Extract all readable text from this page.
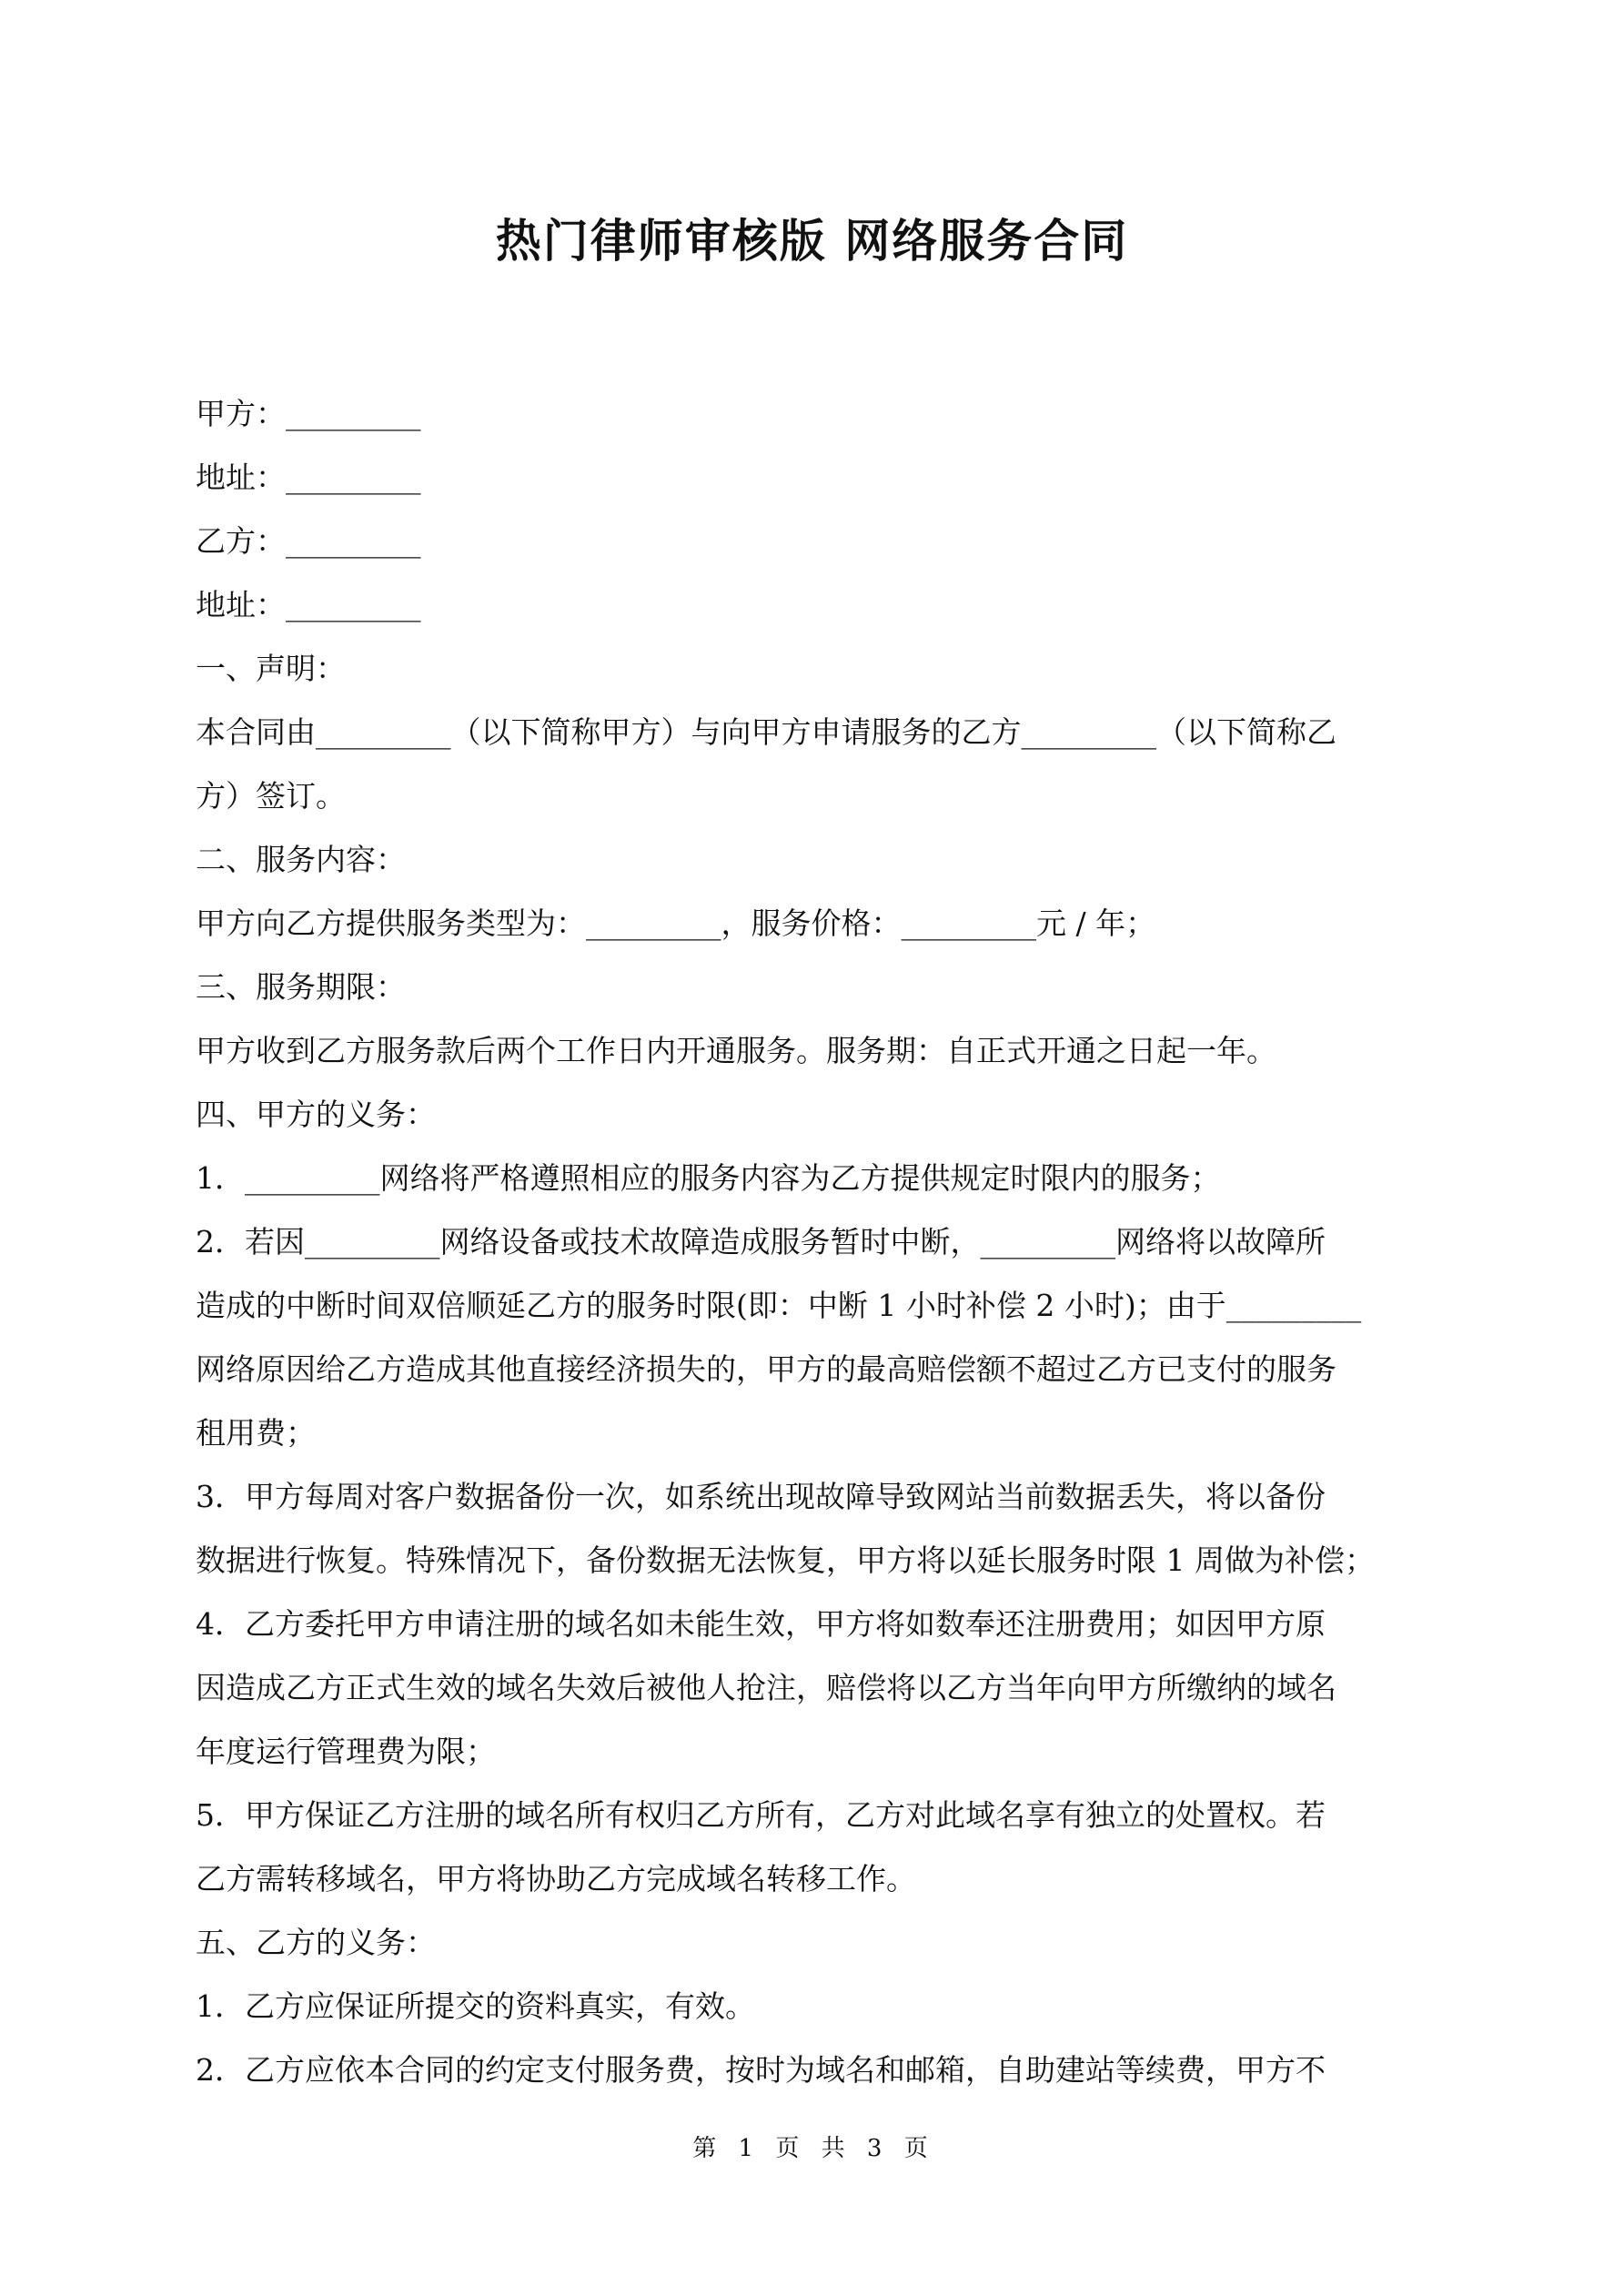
热门律师审核版 网络服务合同
甲方：_________
地址：_________
乙方：_________
地址：_________
一、声明：
本合同由_________（以下简称甲方）与向甲方申请服务的乙方_________（以下简称乙
方）签订。
二、服务内容：
甲方向乙方提供服务类型为：_________，服务价格：_________元 / 年；
三、服务期限：
甲方收到乙方服务款后两个工作日内开通服务。服务期：自正式开通之日起一年。
四、甲方的义务：
1．_________网络将严格遵照相应的服务内容为乙方提供规定时限内的服务；
2．若因_________网络设备或技术故障造成服务暂时中断，_________网络将以故障所
造成的中断时间双倍顺延乙方的服务时限(即：中断 1 小时补偿 2 小时)；由于_________
网络原因给乙方造成其他直接经济损失的，甲方的最高赔偿额不超过乙方已支付的服务
租用费；
3．甲方每周对客户数据备份一次，如系统出现故障导致网站当前数据丢失，将以备份
数据进行恢复。特殊情况下，备份数据无法恢复，甲方将以延长服务时限 1 周做为补偿；
4．乙方委托甲方申请注册的域名如未能生效，甲方将如数奉还注册费用；如因甲方原
因造成乙方正式生效的域名失效后被他人抢注，赔偿将以乙方当年向甲方所缴纳的域名
年度运行管理费为限；
5．甲方保证乙方注册的域名所有权归乙方所有，乙方对此域名享有独立的处置权。若
乙方需转移域名，甲方将协助乙方完成域名转移工作。
五、乙方的义务：
1．乙方应保证所提交的资料真实，有效。
2．乙方应依本合同的约定支付服务费，按时为域名和邮箱，自助建站等续费，甲方不
第 1 页 共 3 页
